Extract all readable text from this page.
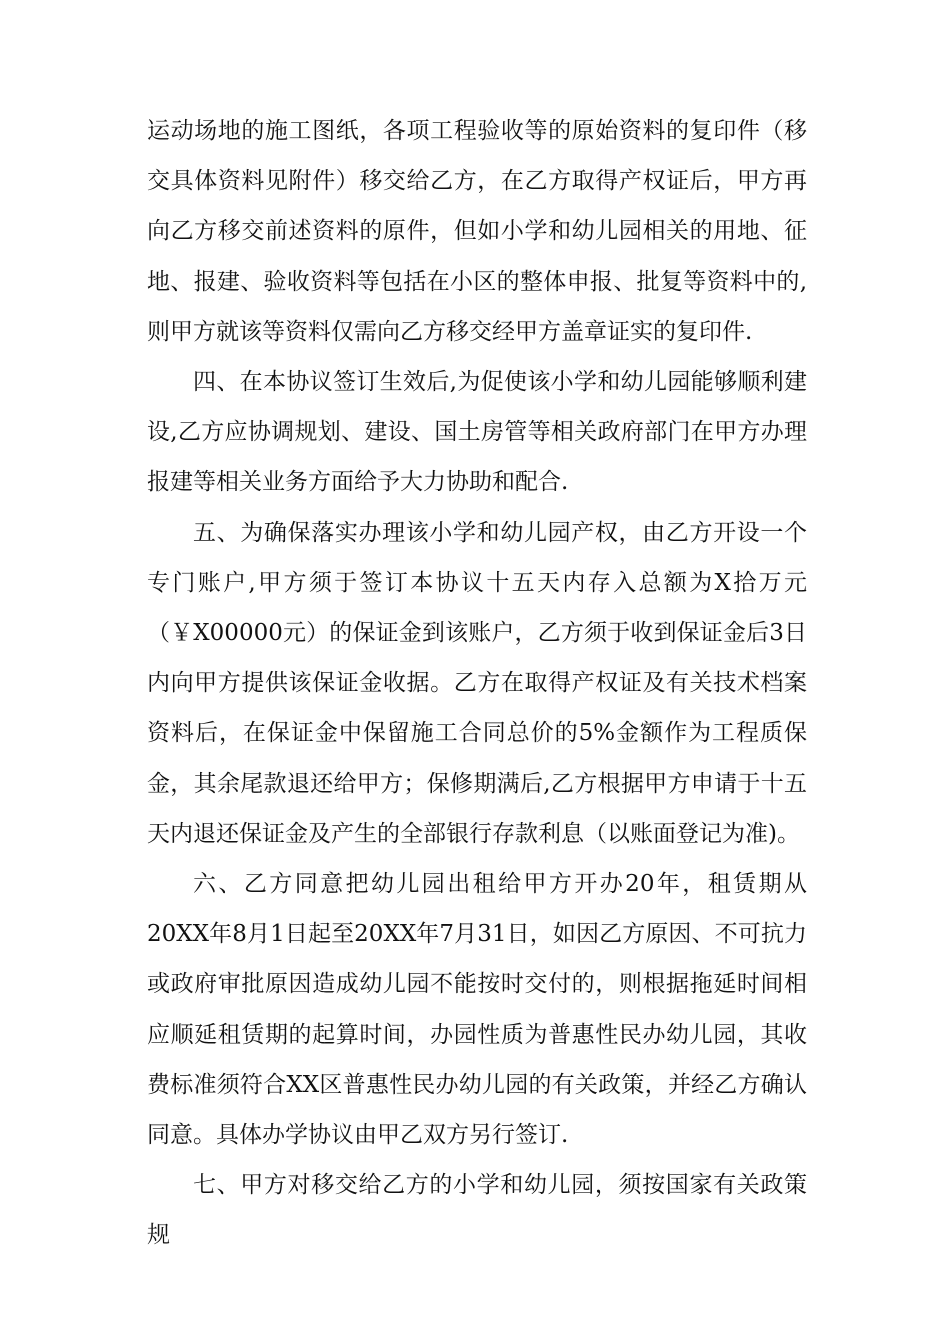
运动场地的施工图纸，各项工程验收等的原始资料的复印件（移交具体资料见附件）移交给乙方，在乙方取得产权证后，甲方再向乙方移交前述资料的原件，但如小学和幼儿园相关的用地、征地、报建、验收资料等包括在小区的整体申报、批复等资料中的,则甲方就该等资料仅需向乙方移交经甲方盖章证实的复印件.

四、在本协议签订生效后,为促使该小学和幼儿园能够顺利建设,乙方应协调规划、建设、国土房管等相关政府部门在甲方办理报建等相关业务方面给予大力协助和配合.

五、为确保落实办理该小学和幼儿园产权，由乙方开设一个专门账户,甲方须于签订本协议十五天内存入总额为X拾万元（￥X00000元）的保证金到该账户，乙方须于收到保证金后3日内向甲方提供该保证金收据。乙方在取得产权证及有关技术档案资料后，在保证金中保留施工合同总价的5%金额作为工程质保金，其余尾款退还给甲方；保修期满后,乙方根据甲方申请于十五天内退还保证金及产生的全部银行存款利息（以账面登记为准)。

六、乙方同意把幼儿园出租给甲方开办20年，租赁期从20XX年8月1日起至20XX年7月31日，如因乙方原因、不可抗力或政府审批原因造成幼儿园不能按时交付的，则根据拖延时间相应顺延租赁期的起算时间，办园性质为普惠性民办幼儿园，其收费标准须符合XX区普惠性民办幼儿园的有关政策，并经乙方确认同意。具体办学协议由甲乙双方另行签订.

七、甲方对移交给乙方的小学和幼儿园，须按国家有关政策规
